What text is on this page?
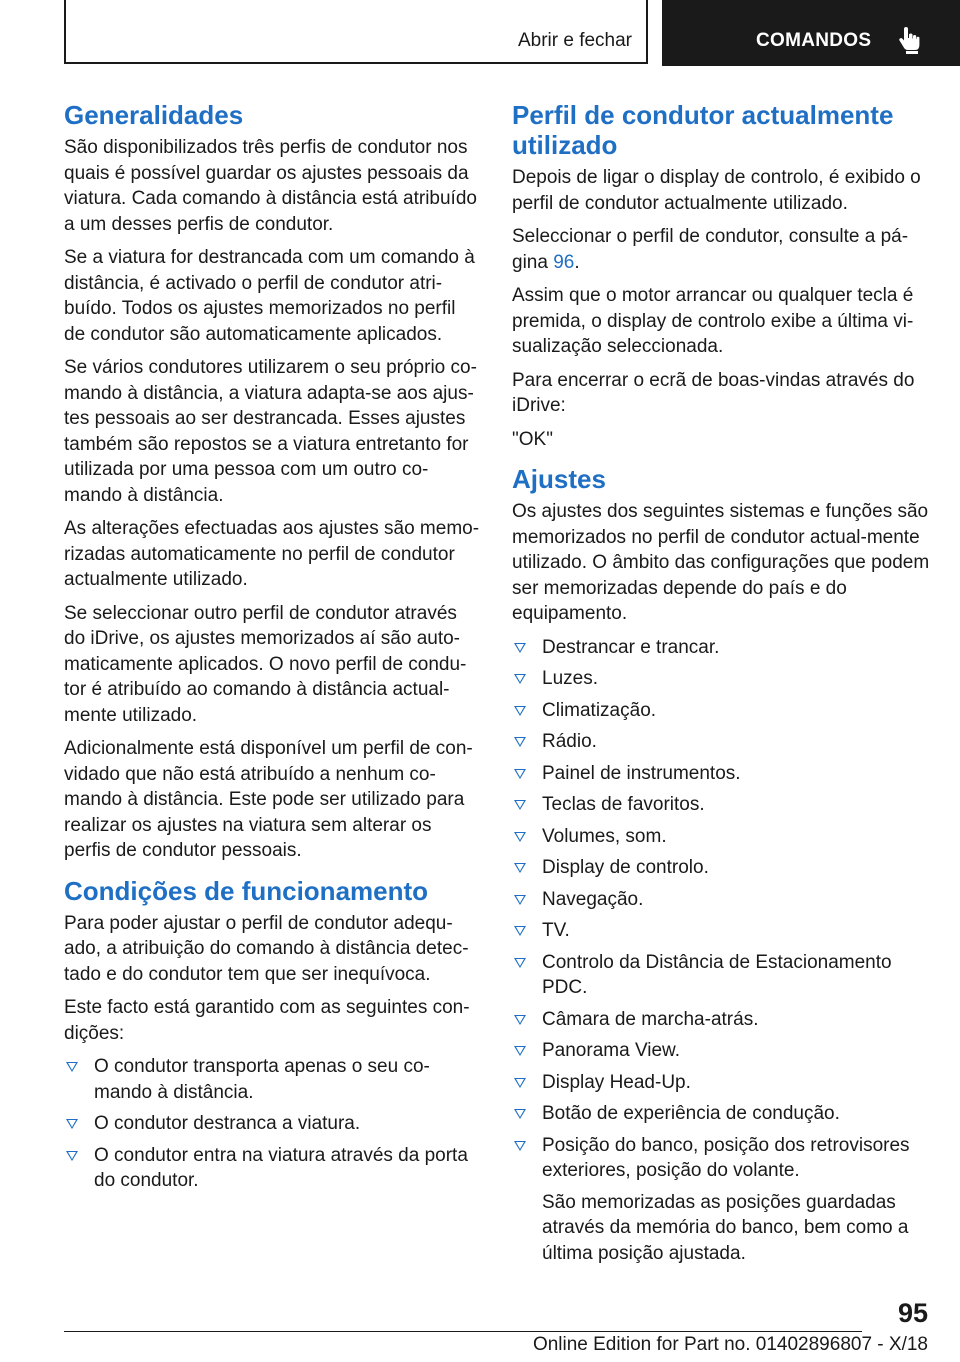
Abrir e fechar	COMANDOS
Generalidades

São disponibilizados três perfis de condutor nos quais é possível guardar os ajustes pessoais da viatura. Cada comando à distância está atribuído a um desses perfis de condutor.

Se a viatura for destrancada com um comando à distância, é activado o perfil de condutor atri-buído. Todos os ajustes memorizados no perfil de condutor são automaticamente aplicados.

Se vários condutores utilizarem o seu próprio co-mando à distância, a viatura adapta-se aos ajus-tes pessoais ao ser destrancada. Esses ajustes também são repostos se a viatura entretanto for utilizada por uma pessoa com um outro co-mando à distância.

As alterações efectuadas aos ajustes são memo-rizadas automaticamente no perfil de condutor actualmente utilizado.

Se seleccionar outro perfil de condutor através do iDrive, os ajustes memorizados aí são auto-maticamente aplicados. O novo perfil de condu-tor é atribuído ao comando à distância actual-mente utilizado.

Adicionalmente está disponível um perfil de con-vidado que não está atribuído a nenhum co-mando à distância. Este pode ser utilizado para realizar os ajustes na viatura sem alterar os perfis de condutor pessoais.

Condições de funcionamento

Para poder ajustar o perfil de condutor adequ-ado, a atribuição do comando à distância detec-tado e do condutor tem que ser inequívoca.

Este facto está garantido com as seguintes con-dições:

O condutor transporta apenas o seu co-mando à distância.
O condutor destranca a viatura.
O condutor entra na viatura através da porta do condutor.
Perfil de condutor actualmente utilizado

Depois de ligar o display de controlo, é exibido o perfil de condutor actualmente utilizado.

Seleccionar o perfil de condutor, consulte a pá-gina 96.

Assim que o motor arrancar ou qualquer tecla é premida, o display de controlo exibe a última vi-sualização seleccionada.

Para encerrar o ecrã de boas-vindas através do iDrive:

"OK"

Ajustes

Os ajustes dos seguintes sistemas e funções são memorizados no perfil de condutor actual-mente utilizado. O âmbito das configurações que podem ser memorizadas depende do país e do equipamento.

Destrancar e trancar.
Luzes.
Climatização.
Rádio.
Painel de instrumentos.
Teclas de favoritos.
Volumes, som.
Display de controlo.
Navegação.
TV.
Controlo da Distância de Estacionamento PDC.
Câmara de marcha-atrás.
Panorama View.
Display Head-Up.
Botão de experiência de condução.
Posição do banco, posição dos retrovisores exteriores, posição do volante.
São memorizadas as posições guardadas através da memória do banco, bem como a última posição ajustada.
95
Online Edition for Part no. 01402896807 - X/18
